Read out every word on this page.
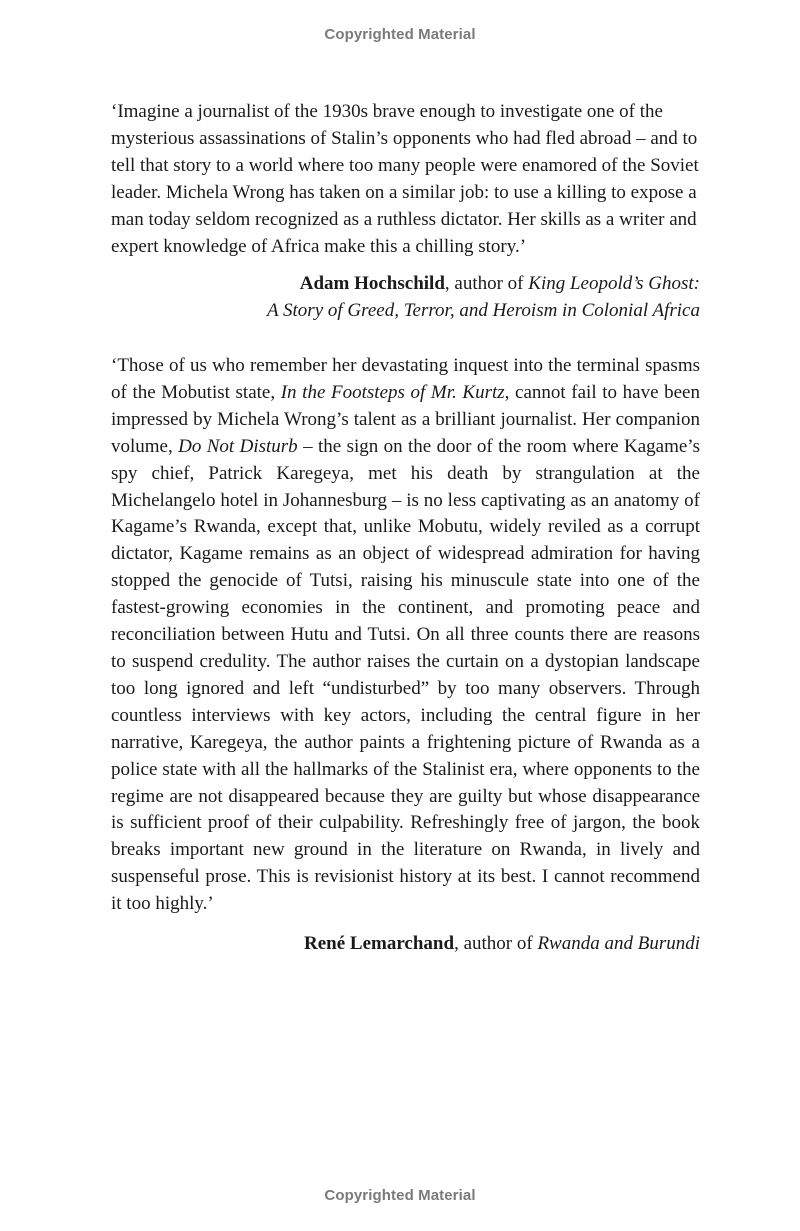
Copyrighted Material

‘Imagine a journalist of the 1930s brave enough to investigate one of the mysterious assassinations of Stalin’s opponents who had fled abroad – and to tell that story to a world where too many people were enamored of the Soviet leader. Michela Wrong has taken on a similar job: to use a killing to expose a man today seldom recognized as a ruthless dictator. Her skills as a writer and expert knowledge of Africa make this a chilling story.’

Adam Hochschild, author of King Leopold’s Ghost:
A Story of Greed, Terror, and Heroism in Colonial Africa

‘Those of us who remember her devastating inquest into the terminal spasms of the Mobutist state, In the Footsteps of Mr. Kurtz, cannot fail to have been impressed by Michela Wrong’s talent as a brilliant journalist. Her companion volume, Do Not Disturb – the sign on the door of the room where Kagame’s spy chief, Patrick Karegeya, met his death by strangulation at the Michelangelo hotel in Johannesburg – is no less captivating as an anatomy of Kagame’s Rwanda, except that, unlike Mobutu, widely reviled as a corrupt dictator, Kagame remains as an object of widespread admiration for having stopped the genocide of Tutsi, raising his minuscule state into one of the fastest-growing economies in the continent, and promoting peace and reconciliation between Hutu and Tutsi. On all three counts there are reasons to suspend credulity. The author raises the curtain on a dystopian landscape too long ignored and left “undisturbed” by too many observers. Through countless interviews with key actors, including the central figure in her narrative, Karegeya, the author paints a frightening picture of Rwanda as a police state with all the hallmarks of the Stalinist era, where opponents to the regime are not disappeared because they are guilty but whose disappearance is sufficient proof of their culpability. Refreshingly free of jargon, the book breaks important new ground in the literature on Rwanda, in lively and suspenseful prose. This is revisionist history at its best. I cannot recommend it too highly.’

René Lemarchand, author of Rwanda and Burundi

Copyrighted Material
